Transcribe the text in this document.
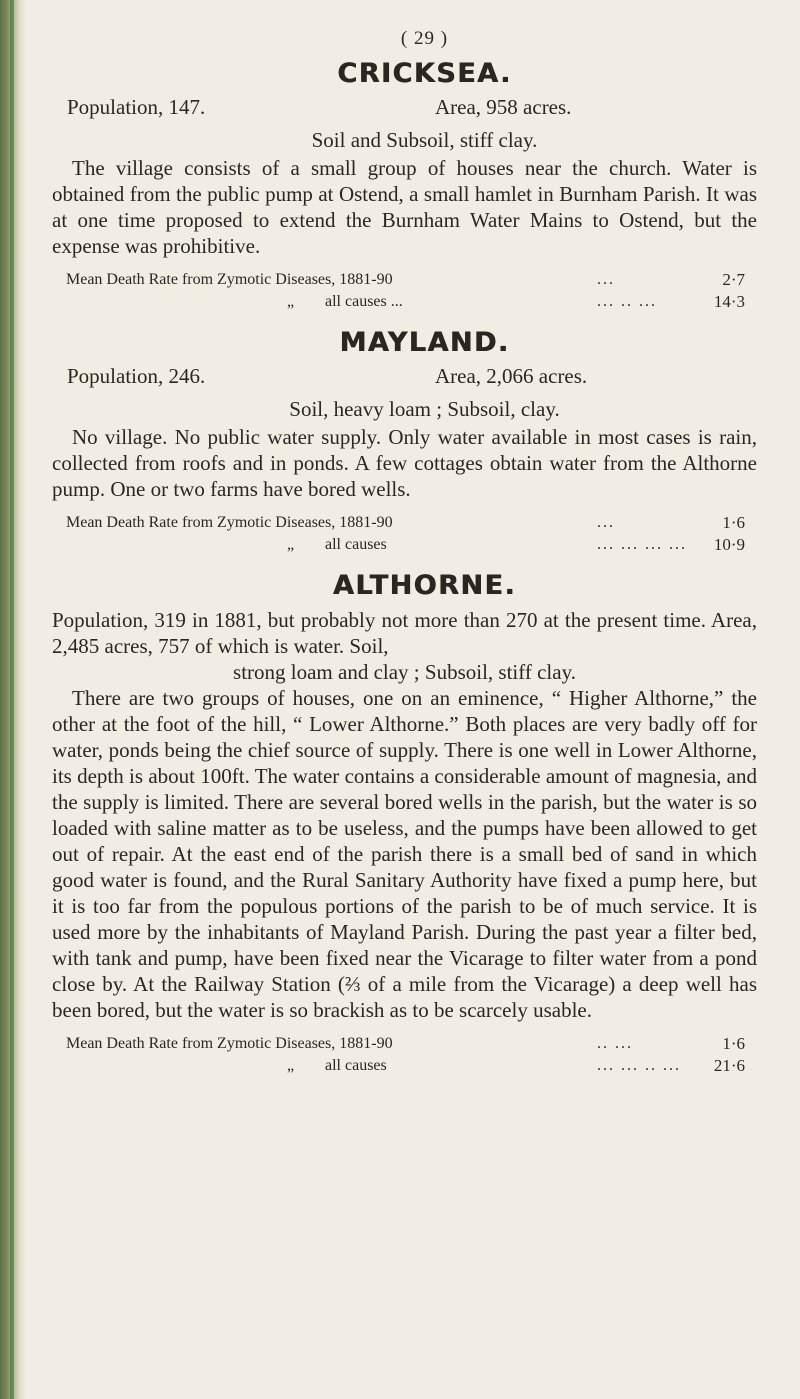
( 29 )
CRICKSEA.
Population, 147.	Area, 958 acres.
Soil and Subsoil, stiff clay.

The village consists of a small group of houses near the church. Water is obtained from the public pump at Ostend, a small hamlet in Burnham Parish. It was at one time proposed to extend the Burnham Water Mains to Ostend, but the expense was prohibitive.

Mean Death Rate from Zymotic Diseases, 1881-90	...	2·7
„ all causes ...	... .. ...	14·3
MAYLAND.
Population, 246.	Area, 2,066 acres.
Soil, heavy loam ; Subsoil, clay.

No village. No public water supply. Only water available in most cases is rain, collected from roofs and in ponds. A few cottages obtain water from the Althorne pump. One or two farms have bored wells.

Mean Death Rate from Zymotic Diseases, 1881-90	...	1·6
„ all causes	... ... ... ... 10·9
ALTHORNE.

Population, 319 in 1881, but probably not more than 270 at the present time. Area, 2,485 acres, 757 of which is water. Soil,

strong loam and clay ; Subsoil, stiff clay.

There are two groups of houses, one on an eminence, “ Higher Althorne,” the other at the foot of the hill, “ Lower Althorne.” Both places are very badly off for water, ponds being the chief source of supply. There is one well in Lower Althorne, its depth is about 100ft. The water contains a considerable amount of magnesia, and the supply is limited. There are several bored wells in the parish, but the water is so loaded with saline matter as to be useless, and the pumps have been allowed to get out of repair. At the east end of the parish there is a small bed of sand in which good water is found, and the Rural Sanitary Authority have fixed a pump here, but it is too far from the populous portions of the parish to be of much service. It is used more by the inhabitants of Mayland Parish. During the past year a filter bed, with tank and pump, have been fixed near the Vicarage to filter water from a pond close by. At the Railway Station (⅔ of a mile from the Vicarage) a deep well has been bored, but the water is so brackish as to be scarcely usable.

Mean Death Rate from Zymotic Diseases, 1881-90	.. ...	1·6
„ all causes	... ... .. ... 21·6
